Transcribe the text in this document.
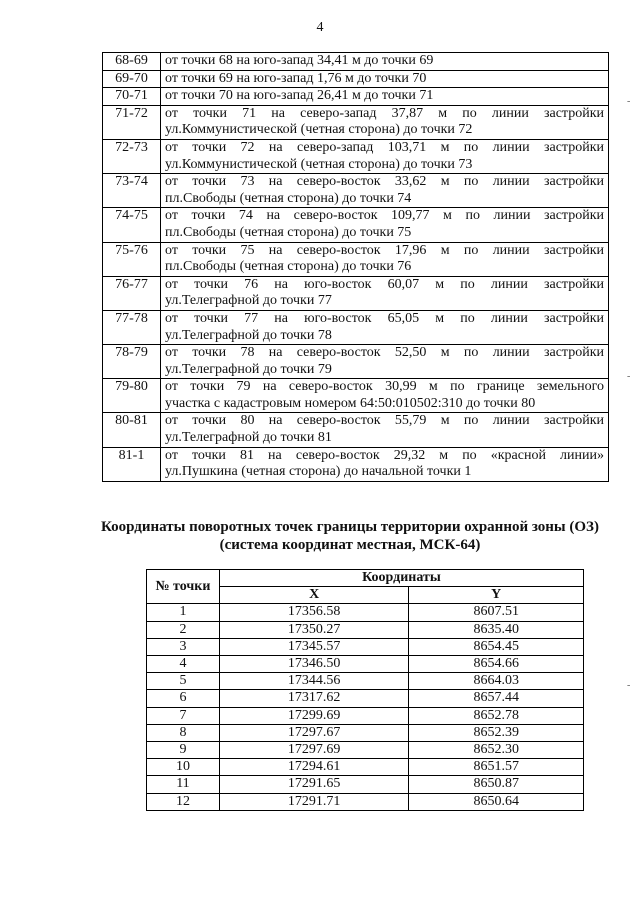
4
68-69	от точки 68 на юго-запад 34,41 м до точки 69

69-70	от точки 69 на юго-запад 1,76 м до точки 70

70-71	от точки 70 на юго-запад 26,41 м до точки 71

71-72	от точки 71 на северо-запад 37,87 м по линии застройки
ул.Коммунистической (четная сторона) до точки 72

72-73	от точки 72 на северо-запад 103,71 м по линии застройки
ул.Коммунистической (четная сторона) до точки 73

73-74	от точки 73 на северо-восток 33,62 м по линии застройки
пл.Свободы (четная сторона) до точки 74

74-75	от точки 74 на северо-восток 109,77 м по линии застройки
пл.Свободы (четная сторона) до точки 75

75-76	от точки 75 на северо-восток 17,96 м по линии застройки
пл.Свободы (четная сторона) до точки 76

76-77	от точки 76 на юго-восток 60,07 м по линии застройки
ул.Телеграфной до точки 77

77-78	от точки 77 на юго-восток 65,05 м по линии застройки
ул.Телеграфной до точки 78

78-79	от точки 78 на северо-восток 52,50 м по линии застройки
ул.Телеграфной до точки 79

79-80	от точки 79 на северо-восток 30,99 м по границе земельного
участка с кадастровым номером 64:50:010502:310 до точки 80

80-81	от точки 80 на северо-восток 55,79 м по линии застройки
ул.Телеграфной до точки 81

81-1	от точки 81 на северо-восток 29,32 м по «красной линии»
ул.Пушкина (четная сторона) до начальной точки 1
Координаты поворотных точек границы территории охранной зоны (ОЗ)
(система координат местная, МСК-64)
№ точки	Координаты	
	X	Y
1	17356.58	8607.51
2	17350.27	8635.40
3	17345.57	8654.45
4	17346.50	8654.66
5	17344.56	8664.03
6	17317.62	8657.44
7	17299.69	8652.78
8	17297.67	8652.39
9	17297.69	8652.30
10	17294.61	8651.57
11	17291.65	8650.87
12	17291.71	8650.64
-
-
-
